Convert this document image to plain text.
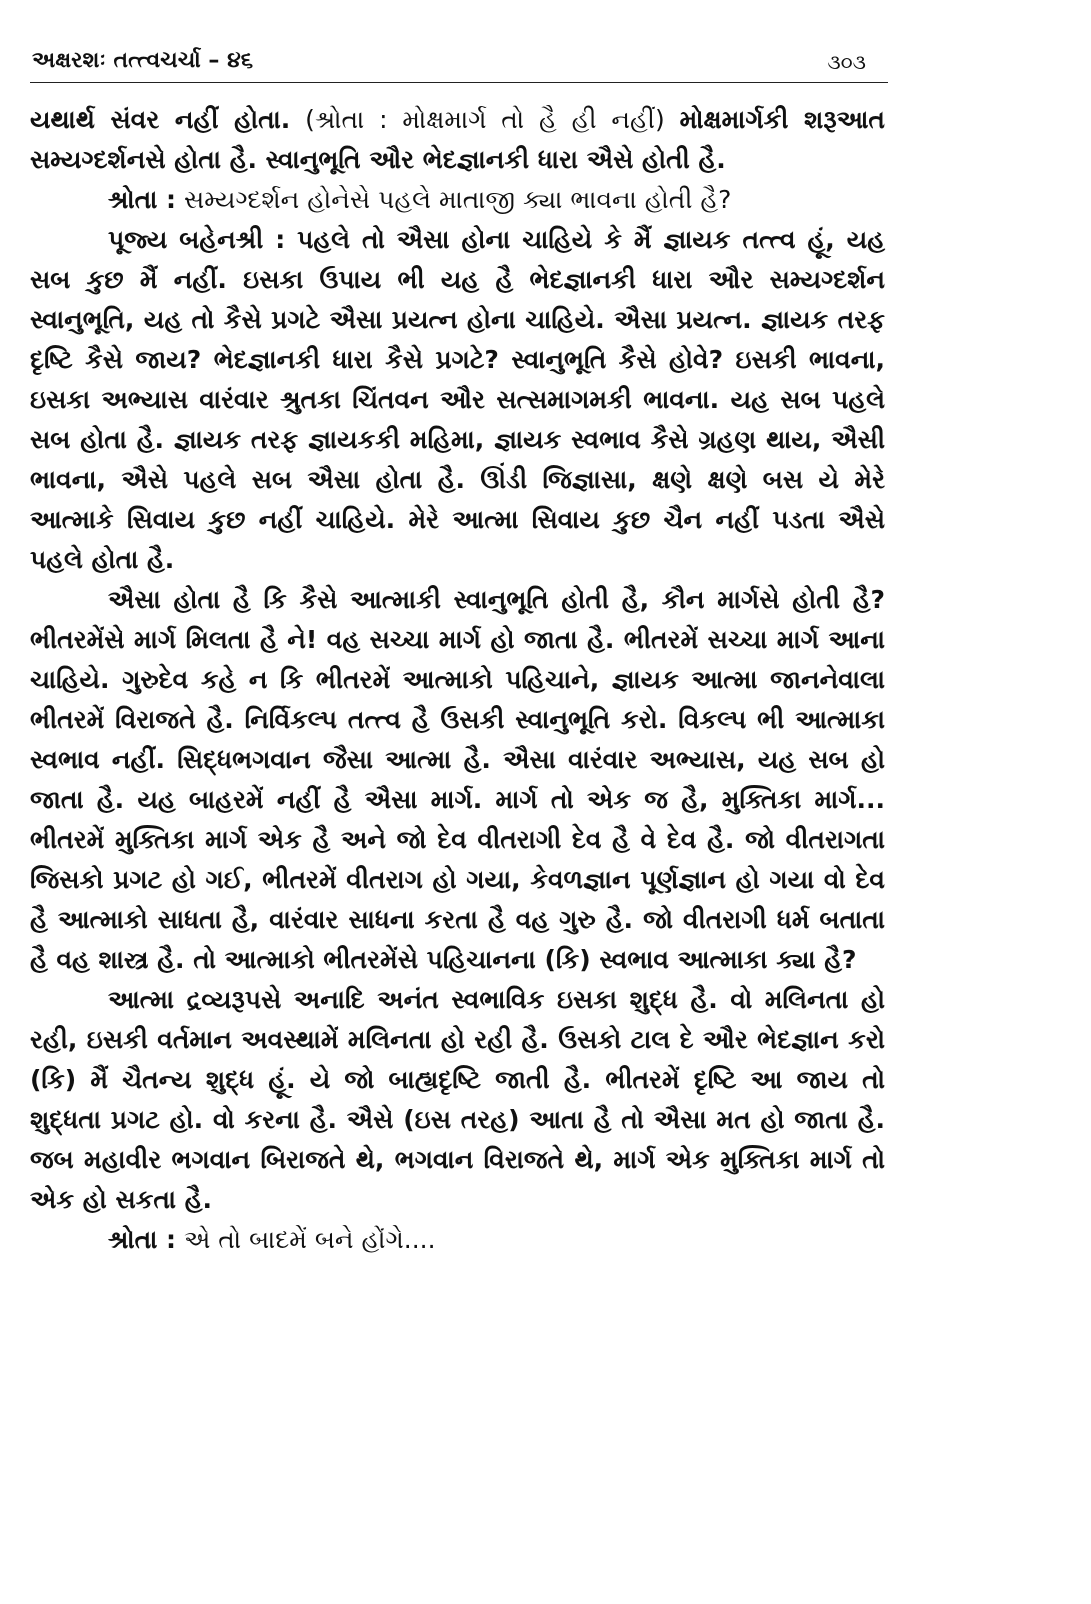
અક્ષરશઃ તત્ત્વચર્ચા – ૪૬	૩૦૩

યથાર્થ સંવર નહીં હોતા. (શ્રોતા : મોક્ષમાર્ગ તો હૈ હી નહીં) મોક્ષમાર્ગકી શરૂઆત સમ્યગ્દર્શનસે હોતા હૈ. સ્વાનુભૂતિ ઔર ભેદજ્ઞાનકી ધારા ઐસે હોતી હૈ.

શ્રોતા : સમ્યગ્દર્શન હોનેસે પહલે માતાજી ક્યા ભાવના હોતી હૈ?

પૂજ્ય બહેનશ્રી : પહલે તો ઐસા હોના ચાહિયે કે મૈં જ્ઞાયક તત્ત્વ હૂં, યહ સબ કુછ મૈં નહીં. ઇસકા ઉપાય ભી યહ હૈ ભેદજ્ઞાનકી ધારા ઔર સમ્યગ્દર્શન સ્વાનુભૂતિ, યહ તો કૈસે પ્રગટે ઐસા પ્રયત્ન હોના ચાહિયે. ઐસા પ્રયત્ન. જ્ઞાયક તરફ દૃષ્ટિ કૈસે જાય? ભેદજ્ઞાનકી ધારા કૈસે પ્રગટે? સ્વાનુભૂતિ કૈસે હોવે? ઇસકી ભાવના, ઇસકા અભ્યાસ વારંવાર શ્રુતકા ચિંતવન ઔર સત્સમાગમકી ભાવના. યહ સબ પહલે સબ હોતા હૈ. જ્ઞાયક તરફ જ્ઞાયકકી મહિમા, જ્ઞાયક સ્વભાવ કૈસે ગ્રહણ થાય, ઐસી ભાવના, ઐસે પહલે સબ ઐસા હોતા હૈ. ઊંડી જિજ્ઞાસા, ક્ષણે ક્ષણે બસ યે મેરે આત્માકે સિવાય કુછ નહીં ચાહિયે. મેરે આત્મા સિવાય કુછ ચૈન નહીં પડતા ઐસે પહલે હોતા હૈ.

ઐસા હોતા હૈ કિ કૈસે આત્માકી સ્વાનુભૂતિ હોતી હૈ, કૌન માર્ગસે હોતી હૈ? ભીતરમેંસે માર્ગ મિલતા હૈ ને! વહ સચ્ચા માર્ગ હો જાતા હૈ. ભીતરમેં સચ્ચા માર્ગ આના ચાહિયે. ગુરુદેવ કહે ન કિ ભીતરમેં આત્માકો પહિચાને, જ્ઞાયક આત્મા જાનનેવાલા ભીતરમેં વિરાજતે હૈ. નિર્વિકલ્પ તત્ત્વ હૈ ઉસકી સ્વાનુભૂતિ કરો. વિકલ્પ ભી આત્માકા સ્વભાવ નહીં. સિદ્ધભગવાન જૈસા આત્મા હૈ. ઐસા વારંવાર અભ્યાસ, યહ સબ હો જાતા હૈ. યહ બાહરમેં નહીં હૈ ઐસા માર્ગ. માર્ગ તો એક જ હૈ, મુક્તિકા માર્ગ... ભીતરમેં મુક્તિકા માર્ગ એક હૈ અને જો દેવ વીતરાગી દેવ હૈ વે દેવ હૈ. જો વીતરાગતા જિસકો પ્રગટ હો ગઈ, ભીતરમેં વીતરાગ હો ગયા, કેવળજ્ઞાન પૂર્ણજ્ઞાન હો ગયા વો દેવ હૈ આત્માકો સાધતા હૈ, વારંવાર સાધના કરતા હૈ વહ ગુરુ હૈ. જો વીતરાગી ધર્મ બતાતા હૈ વહ શાસ્ત્ર હૈ. તો આત્માકો ભીતરમેંસે પહિચાનના (કિ) સ્વભાવ આત્માકા ક્યા હૈ?

આત્મા દ્રવ્યરૂપસે અનાદિ અનંત સ્વભાવિક ઇસકા શુદ્ધ હૈ. વો મલિનતા હો રહી, ઇસકી વર્તમાન અવસ્થામેં મલિનતા હો રહી હૈ. ઉસકો ટાલ દે ઔર ભેદજ્ઞાન કરો (કિ) મૈં ચૈતન્ય શુદ્ધ હૂં. યે જો બાહ્યદૃષ્ટિ જાતી હૈ. ભીતરમેં દૃષ્ટિ આ જાય તો શુદ્ધતા પ્રગટ હો. વો કરના હૈ. ઐસે (ઇસ તરહ) આતા હૈ તો ઐસા મત હો જાતા હૈ. જબ મહાવીર ભગવાન બિરાજતે થે, ભગવાન વિરાજતે થે, માર્ગ એક મુક્તિકા માર્ગ તો એક હો સકતા હૈ.

શ્રોતા : એ તો બાદમેં બને હોંગે....
